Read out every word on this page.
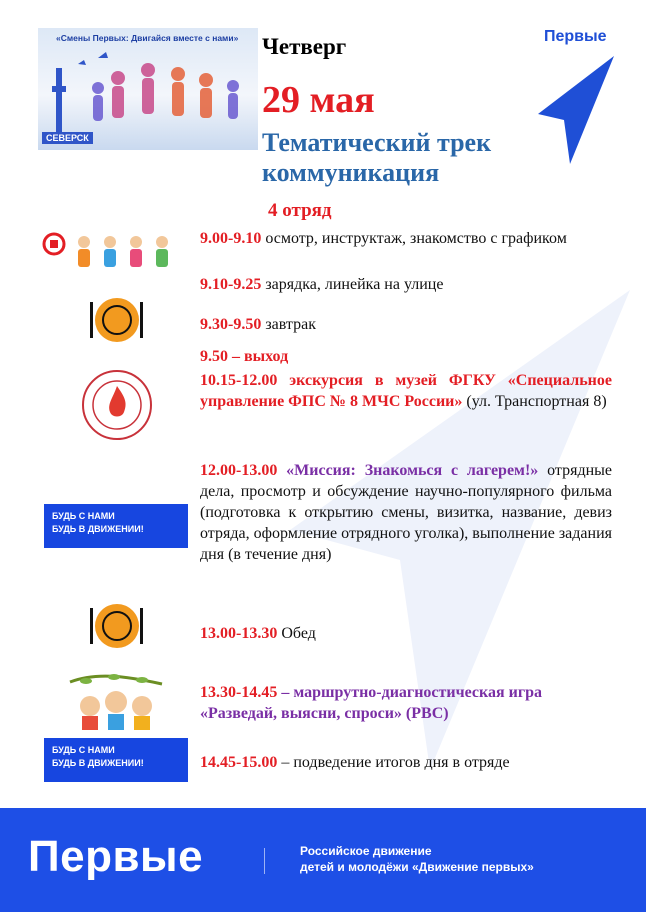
«Смены Первых: Двигайся вместе с нами»
СЕВЕРСК
Четверг
29 мая
Тематический трек коммуникация
4 отряд
Первые
9.00-9.10 осмотр, инструктаж, знакомство с графиком
9.10-9.25 зарядка, линейка на улице
9.30-9.50 завтрак
9.50 – выход
10.15-12.00 экскурсия в музей ФГКУ «Специальное управление ФПС № 8 МЧС России» (ул. Транспортная 8)
БУДЬ С НАМИ
БУДЬ В ДВИЖЕНИИ!
12.00-13.00 «Миссия: Знакомься с лагерем!» отрядные дела, просмотр и обсуждение научно-популярного фильма (подготовка к открытию смены, визитка, название, девиз отряда, оформление отрядного уголка), выполнение задания дня (в течение дня)
13.00-13.30 Обед
13.30-14.45 – маршрутно-диагностическая игра «Разведай, выясни, спроси» (РВС)
БУДЬ С НАМИ
БУДЬ В ДВИЖЕНИИ!	14.45-15.00 – подведение итогов дня в отряде
Первые	Российское движение
детей и молодёжи «Движение первых»
